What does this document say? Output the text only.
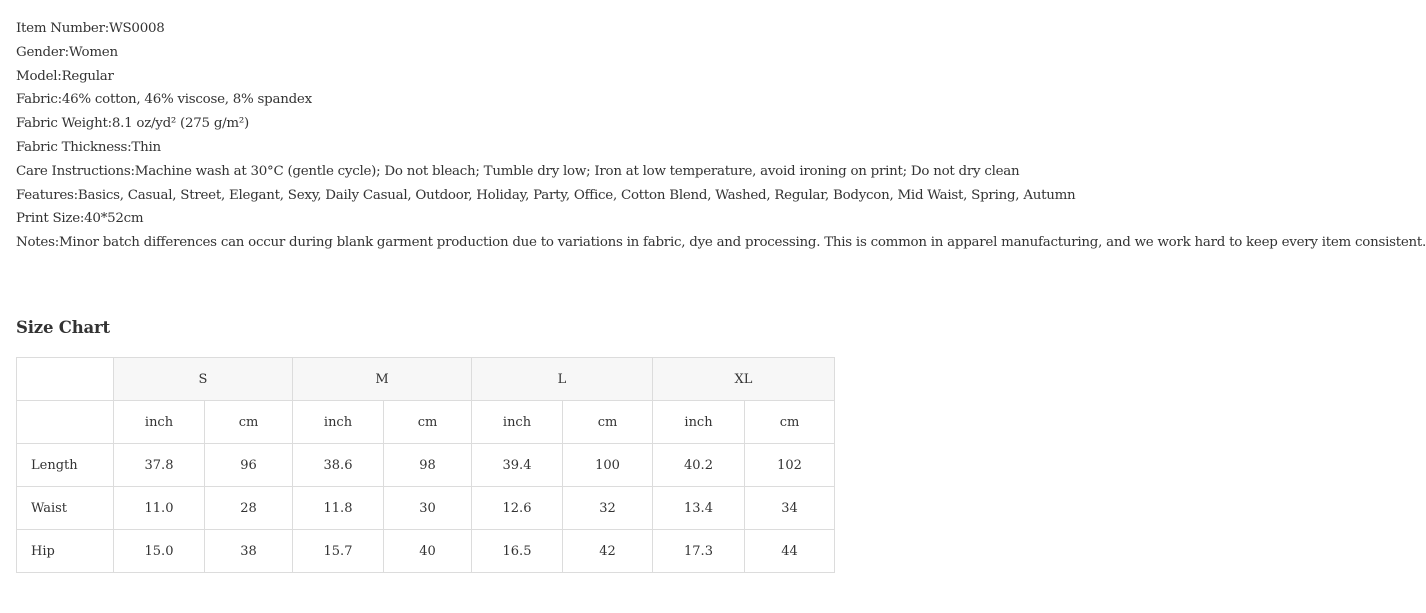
Item Number:WS0008
Gender:Women
Model:Regular
Fabric:46% cotton, 46% viscose, 8% spandex
Fabric Weight:8.1 oz/yd² (275 g/m²)
Fabric Thickness:Thin
Care Instructions:Machine wash at 30°C (gentle cycle); Do not bleach; Tumble dry low; Iron at low temperature, avoid ironing on print; Do not dry clean
Features:Basics, Casual, Street, Elegant, Sexy, Daily Casual, Outdoor, Holiday, Party, Office, Cotton Blend, Washed, Regular, Bodycon, Mid Waist, Spring, Autumn
Print Size:40*52cm
Notes:Minor batch differences can occur during blank garment production due to variations in fabric, dye and processing. This is common in apparel manufacturing, and we work hard to keep every item consistent.
Size Chart
	S		M		L		XL	
	inch	cm	inch	cm	inch	cm	inch	cm
Length	37.8	96	38.6	98	39.4	100	40.2	102
Waist	11.0	28	11.8	30	12.6	32	13.4	34
Hip	15.0	38	15.7	40	16.5	42	17.3	44
